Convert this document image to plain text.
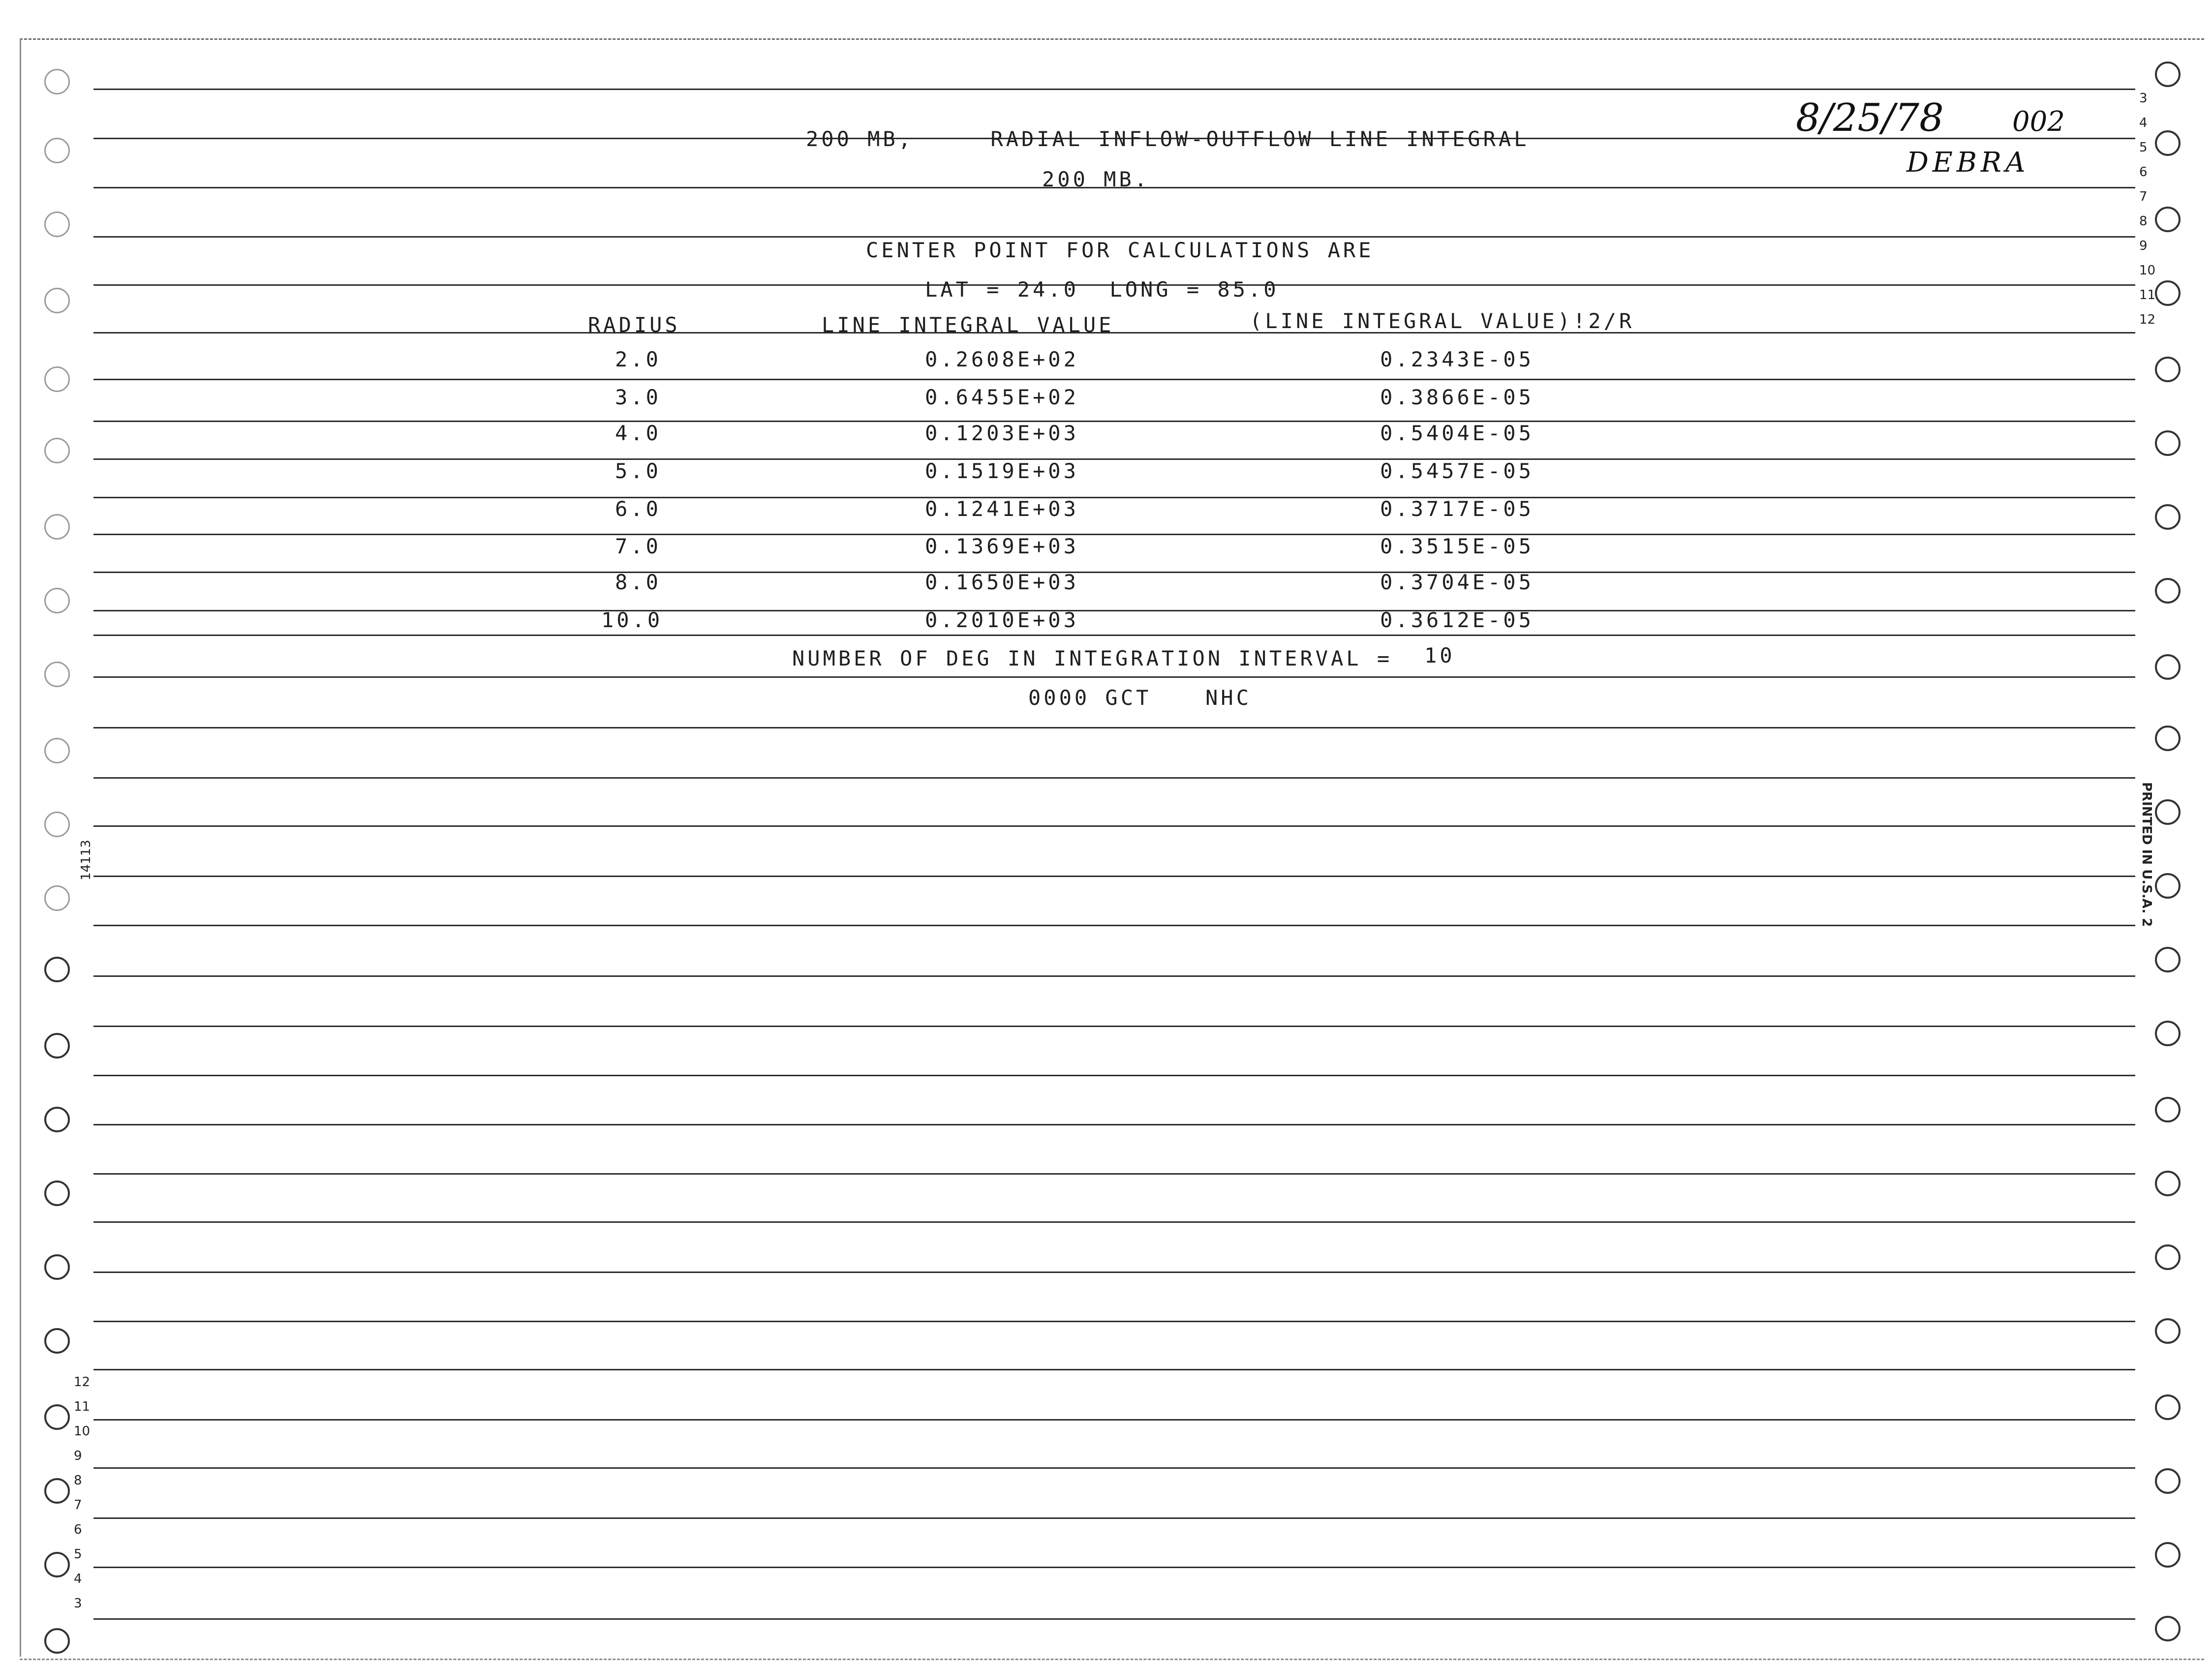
3
4
5
6
7
8
9
10
11
12
12
11
10
9
8
7
6
5
4
3
14113	PRINTED IN U.S.A. 2
8/25/78 002
DEBRA
200 MB,     RADIAL INFLOW-OUTFLOW LINE INTEGRAL
200 MB.
CENTER POINT FOR CALCULATIONS ARE
LAT = 24.0  LONG = 85.0
RADIUS	LINE INTEGRAL VALUE	(LINE INTEGRAL VALUE)!2/R
2.0	0.2608E+02	0.2343E-05
3.0	0.6455E+02	0.3866E-05
4.0	0.1203E+03	0.5404E-05
5.0	0.1519E+03	0.5457E-05
6.0	0.1241E+03	0.3717E-05
7.0	0.1369E+03	0.3515E-05
8.0	0.1650E+03	0.3704E-05
10.0	0.2010E+03	0.3612E-05
NUMBER OF DEG IN INTEGRATION INTERVAL = 10
0000 GCT	NHC
